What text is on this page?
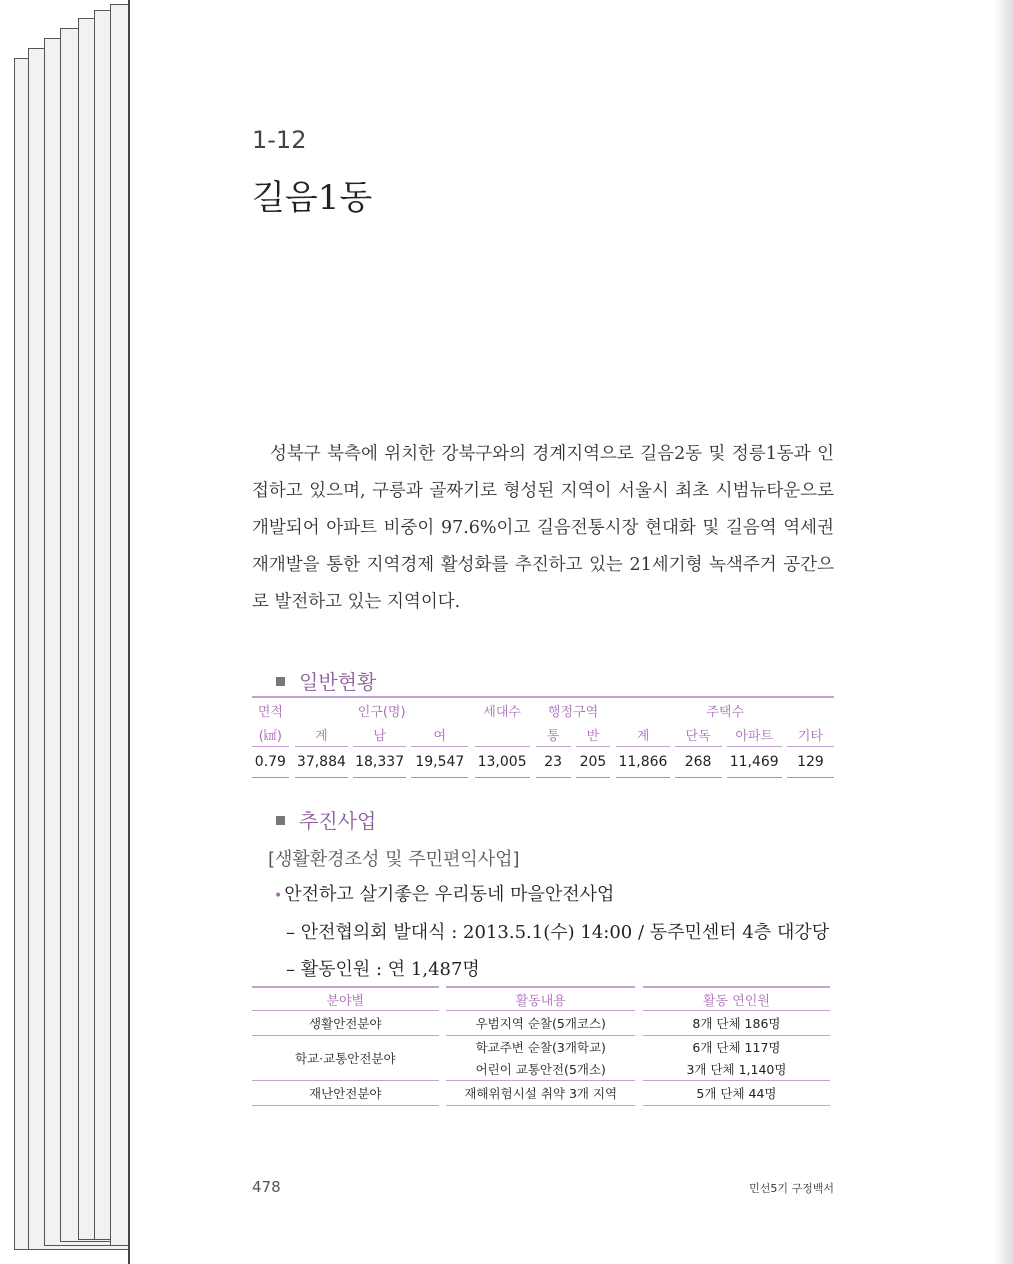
1-12
길음1동
성북구 북측에 위치한 강북구와의 경계지역으로 길음2동 및 정릉1동과 인접하고 있으며, 구릉과 골짜기로 형성된 지역이 서울시 최초 시범뉴타운으로 개발되어 아파트 비중이 97.6%이고 길음전통시장 현대화 및 길음역 역세권 재개발을 통한 지역경제 활성화를 추진하고 있는 21세기형 녹색주거 공간으로 발전하고 있는 지역이다.
일반현황
면적		인구(명)						세대수		행정구역				주택수						
(㎢)		계		남		여				통		반		계		단독		아파트		기타
0.79		37,884		18,337		19,547		13,005		23		205		11,866		268		11,469		129
추진사업
[생활환경조성 및 주민편익사업]
• 안전하고 살기좋은 우리동네 마을안전사업
– 안전협의회 발대식 : 2013.5.1(수) 14:00 / 동주민센터 4층 대강당
– 활동인원 : 연 1,487명
분야별		활동내용		활동 연인원
생활안전분야		우범지역 순찰(5개코스)		8개 단체 186명
학교·교통안전분야		학교주변 순찰(3개학교)		6개 단체 117명
		어린이 교통안전(5개소)		3개 단체 1,140명
재난안전분야		재해위험시설 취약 3개 지역		5개 단체 44명
478	민선5기 구정백서
